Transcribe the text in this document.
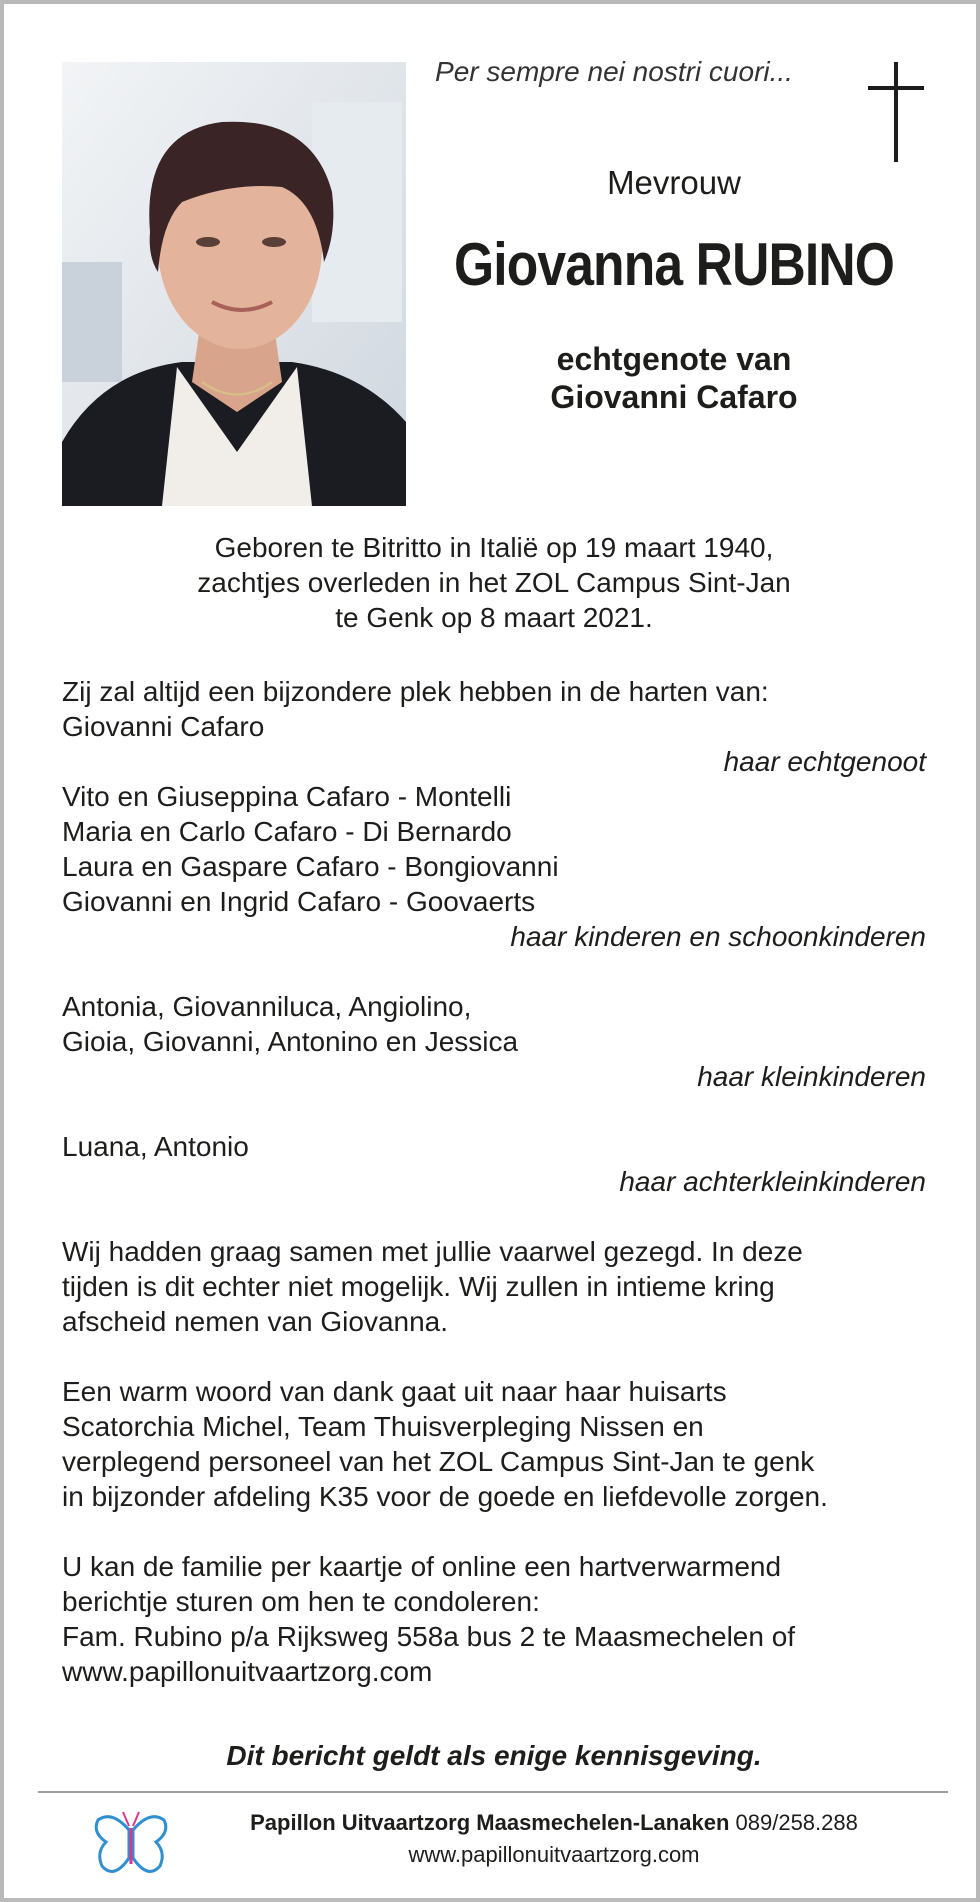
Per sempre nei nostri cuori...
Mevrouw
Giovanna RUBINO
echtgenote van
Giovanni Cafaro
Geboren te Bitritto in Italië op 19 maart 1940,
zachtjes overleden in het ZOL Campus Sint-Jan
te Genk op 8 maart 2021.
Zij zal altijd een bijzondere plek hebben in de harten van:
Giovanni Cafaro
haar echtgenoot
Vito en Giuseppina Cafaro - Montelli
Maria en Carlo Cafaro - Di Bernardo
Laura en Gaspare Cafaro - Bongiovanni
Giovanni en Ingrid Cafaro - Goovaerts
haar kinderen en schoonkinderen
Antonia, Giovanniluca, Angiolino,
Gioia, Giovanni, Antonino en Jessica
haar kleinkinderen
Luana, Antonio
haar achterkleinkinderen
Wij hadden graag samen met jullie vaarwel gezegd. In deze
tijden is dit echter niet mogelijk. Wij zullen in intieme kring
afscheid nemen van Giovanna.
Een warm woord van dank gaat uit naar haar huisarts
Scatorchia Michel, Team Thuisverpleging Nissen en
verplegend personeel van het ZOL Campus Sint-Jan te genk
in bijzonder afdeling K35 voor de goede en liefdevolle zorgen.
U kan de familie per kaartje of online een hartverwarmend
berichtje sturen om hen te condoleren:
Fam. Rubino p/a Rijksweg 558a bus 2 te Maasmechelen of
www.papillonuitvaartzorg.com
Dit bericht geldt als enige kennisgeving.
Papillon Uitvaartzorg Maasmechelen-Lanaken 089/258.288
www.papillonuitvaartzorg.com
